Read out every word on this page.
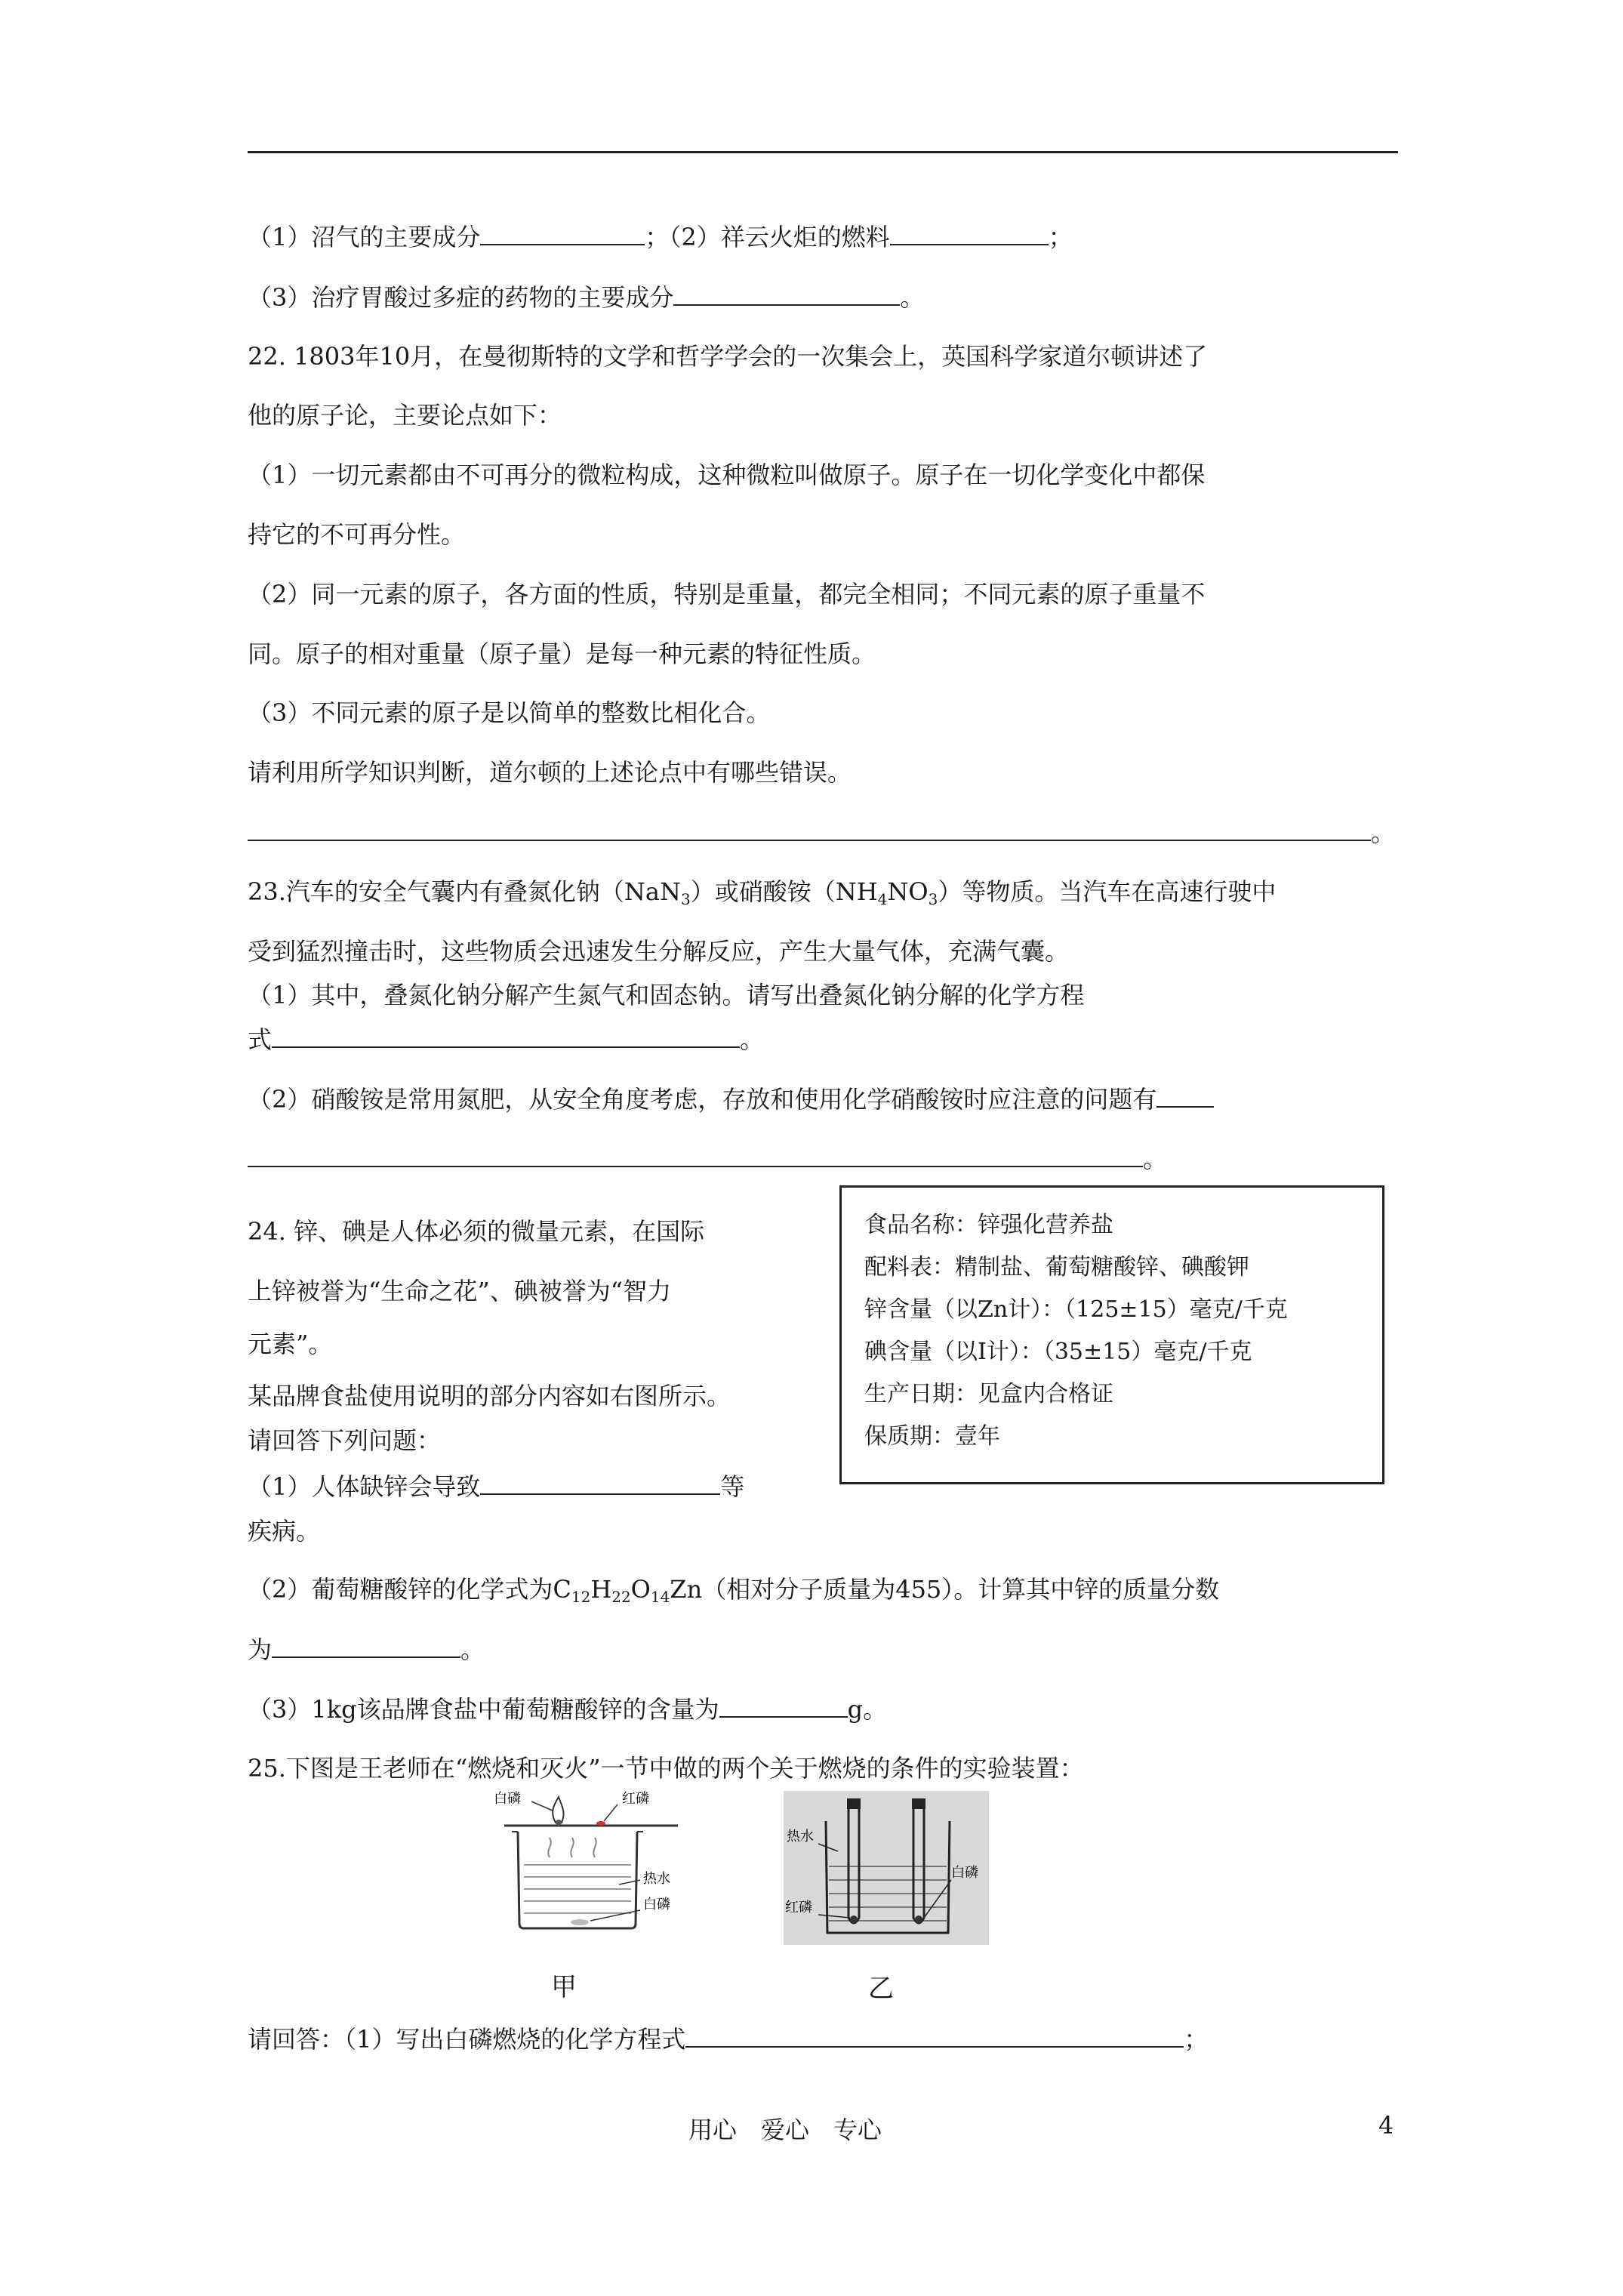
（1）沼气的主要成分	；（2）祥云火炬的燃料	；
（3）治疗胃酸过多症的药物的主要成分	。
22. 1803年10月，在曼彻斯特的文学和哲学学会的一次集会上，英国科学家道尔顿讲述了
他的原子论，主要论点如下：
（1）一切元素都由不可再分的微粒构成，这种微粒叫做原子。原子在一切化学变化中都保
持它的不可再分性。
（2）同一元素的原子，各方面的性质，特别是重量，都完全相同；不同元素的原子重量不
同。原子的相对重量（原子量）是每一种元素的特征性质。
（3）不同元素的原子是以简单的整数比相化合。
请利用所学知识判断，道尔顿的上述论点中有哪些错误。
。
23.汽车的安全气囊内有叠氮化钠（NaN$_3$）或硝酸铵$(NH_4NO_3)$等物质。当汽车在高速行驶中
受到猛烈撞击时，这些物质会迅速发生分解反应，产生大量气体，充满气囊。
（1）其中，叠氮化钠分解产生氮气和固态钠。请写出叠氮化钠分解的化学方程
式	。
（2）硝酸铵是常用氮肥，从安全角度考虑，存放和使用化学硝酸铵时应注意的问题有
。
24. 锌、碘是人体必须的微量元素，在国际
上锌被誉为“生命之花”、碘被誉为“智力
元素”。
某品牌食盐使用说明的部分内容如右图所示。
请回答下列问题：
（1）人体缺锌会导致	等
疾病。
（2）葡萄糖酸锌的化学式为$C_{12}H_{22}O_{14}Zn$（相对分子质量为455）。计算其中锌的质量分数
为	。
（3）1kg该品牌食盐中葡萄糖酸锌的含量为	g。
食品名称：锌强化营养盐
配料表：精制盐、葡萄糖酸锌、碘酸钾
锌含量（以Zn计）：（125±15）毫克/千克
碘含量（以I计）：（35±15）毫克/千克
生产日期：见盒内合格证
保质期：壹年
25.下图是王老师在“燃烧和灭火”一节中做的两个关于燃烧的条件的实验装置：
白磷	红磷
热水
白磷
热水
红磷
白磷
甲	乙
请回答：（1）写出白磷燃烧的化学方程式	；
用心　爱心　专心	4
